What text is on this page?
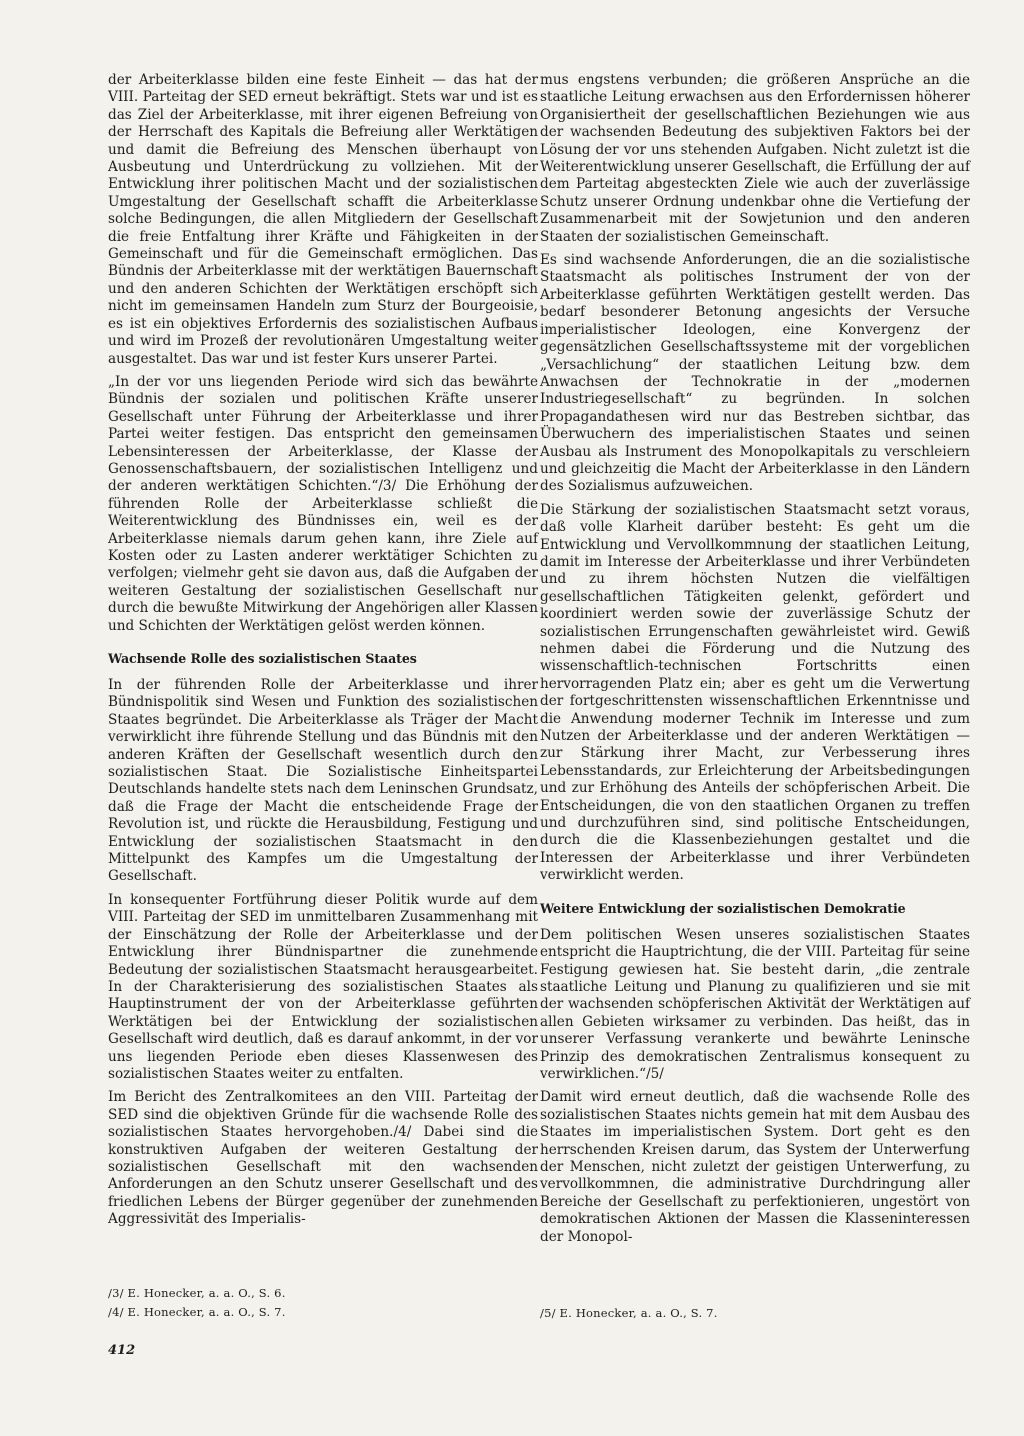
der Arbeiterklasse bilden eine feste Einheit — das hat der VIII. Parteitag der SED erneut bekräftigt. Stets war und ist es das Ziel der Arbeiterklasse, mit ihrer eigenen Befreiung von der Herrschaft des Kapitals die Befreiung aller Werktätigen und damit die Befreiung des Menschen überhaupt von Ausbeutung und Unterdrückung zu vollziehen. Mit der Entwicklung ihrer politischen Macht und der sozialistischen Umgestaltung der Gesellschaft schafft die Arbeiterklasse solche Bedingungen, die allen Mitgliedern der Gesellschaft die freie Entfaltung ihrer Kräfte und Fähigkeiten in der Gemeinschaft und für die Gemeinschaft ermöglichen. Das Bündnis der Arbeiterklasse mit der werktätigen Bauernschaft und den anderen Schichten der Werktätigen erschöpft sich nicht im gemeinsamen Handeln zum Sturz der Bourgeoisie, es ist ein objektives Erfordernis des sozialistischen Aufbaus und wird im Prozeß der revolutionären Umgestaltung weiter ausgestaltet. Das war und ist fester Kurs unserer Partei.

„In der vor uns liegenden Periode wird sich das bewährte Bündnis der sozialen und politischen Kräfte unserer Gesellschaft unter Führung der Arbeiterklasse und ihrer Partei weiter festigen. Das entspricht den gemeinsamen Lebensinteressen der Arbeiterklasse, der Klasse der Genossenschaftsbauern, der sozialistischen Intelligenz und der anderen werktätigen Schichten.“/3/ Die Erhöhung der führenden Rolle der Arbeiterklasse schließt die Weiterentwicklung des Bündnisses ein, weil es der Arbeiterklasse niemals darum gehen kann, ihre Ziele auf Kosten oder zu Lasten anderer werktätiger Schichten zu verfolgen; vielmehr geht sie davon aus, daß die Aufgaben der weiteren Gestaltung der sozialistischen Gesellschaft nur durch die bewußte Mitwirkung der Angehörigen aller Klassen und Schichten der Werktätigen gelöst werden können.

Wachsende Rolle des sozialistischen Staates

In der führenden Rolle der Arbeiterklasse und ihrer Bündnispolitik sind Wesen und Funktion des sozialistischen Staates begründet. Die Arbeiterklasse als Träger der Macht verwirklicht ihre führende Stellung und das Bündnis mit den anderen Kräften der Gesellschaft wesentlich durch den sozialistischen Staat. Die Sozialistische Einheitspartei Deutschlands handelte stets nach dem Leninschen Grundsatz, daß die Frage der Macht die entscheidende Frage der Revolution ist, und rückte die Herausbildung, Festigung und Entwicklung der sozialistischen Staatsmacht in den Mittelpunkt des Kampfes um die Umgestaltung der Gesellschaft.

In konsequenter Fortführung dieser Politik wurde auf dem VIII. Parteitag der SED im unmittelbaren Zusammenhang mit der Einschätzung der Rolle der Arbeiterklasse und der Entwicklung ihrer Bündnispartner die zunehmende Bedeutung der sozialistischen Staatsmacht herausgearbeitet. In der Charakterisierung des sozialistischen Staates als Hauptinstrument der von der Arbeiterklasse geführten Werktätigen bei der Entwicklung der sozialistischen Gesellschaft wird deutlich, daß es darauf ankommt, in der vor uns liegenden Periode eben dieses Klassenwesen des sozialistischen Staates weiter zu entfalten.

Im Bericht des Zentralkomitees an den VIII. Parteitag der SED sind die objektiven Gründe für die wachsende Rolle des sozialistischen Staates hervorgehoben./4/ Dabei sind die konstruktiven Aufgaben der weiteren Gestaltung der sozialistischen Gesellschaft mit den wachsenden Anforderungen an den Schutz unserer Gesellschaft und des friedlichen Lebens der Bürger gegenüber der zunehmenden Aggressivität des Imperialis-

mus engstens verbunden; die größeren Ansprüche an die staatliche Leitung erwachsen aus den Erfordernissen höherer Organisiertheit der gesellschaftlichen Beziehungen wie aus der wachsenden Bedeutung des subjektiven Faktors bei der Lösung der vor uns stehenden Aufgaben. Nicht zuletzt ist die Weiterentwicklung unserer Gesellschaft, die Erfüllung der auf dem Parteitag abgesteckten Ziele wie auch der zuverlässige Schutz unserer Ordnung undenkbar ohne die Vertiefung der Zusammenarbeit mit der Sowjetunion und den anderen Staaten der sozialistischen Gemeinschaft.

Es sind wachsende Anforderungen, die an die sozialistische Staatsmacht als politisches Instrument der von der Arbeiterklasse geführten Werktätigen gestellt werden. Das bedarf besonderer Betonung angesichts der Versuche imperialistischer Ideologen, eine Konvergenz der gegensätzlichen Gesellschaftssysteme mit der vorgeblichen „Versachlichung“ der staatlichen Leitung bzw. dem Anwachsen der Technokratie in der „modernen Industriegesellschaft“ zu begründen. In solchen Propagandathesen wird nur das Bestreben sichtbar, das Überwuchern des imperialistischen Staates und seinen Ausbau als Instrument des Monopolkapitals zu verschleiern und gleichzeitig die Macht der Arbeiterklasse in den Ländern des Sozialismus aufzuweichen.

Die Stärkung der sozialistischen Staatsmacht setzt voraus, daß volle Klarheit darüber besteht: Es geht um die Entwicklung und Vervollkommnung der staatlichen Leitung, damit im Interesse der Arbeiterklasse und ihrer Verbündeten und zu ihrem höchsten Nutzen die vielfältigen gesellschaftlichen Tätigkeiten gelenkt, gefördert und koordiniert werden sowie der zuverlässige Schutz der sozialistischen Errungenschaften gewährleistet wird. Gewiß nehmen dabei die Förderung und die Nutzung des wissenschaftlich-technischen Fortschritts einen hervorragenden Platz ein; aber es geht um die Verwertung der fortgeschrittensten wissenschaftlichen Erkenntnisse und die Anwendung moderner Technik im Interesse und zum Nutzen der Arbeiterklasse und der anderen Werktätigen — zur Stärkung ihrer Macht, zur Verbesserung ihres Lebensstandards, zur Erleichterung der Arbeitsbedingungen und zur Erhöhung des Anteils der schöpferischen Arbeit. Die Entscheidungen, die von den staatlichen Organen zu treffen und durchzuführen sind, sind politische Entscheidungen, durch die die Klassenbeziehungen gestaltet und die Interessen der Arbeiterklasse und ihrer Verbündeten verwirklicht werden.

Weitere Entwicklung der sozialistischen Demokratie

Dem politischen Wesen unseres sozialistischen Staates entspricht die Hauptrichtung, die der VIII. Parteitag für seine Festigung gewiesen hat. Sie besteht darin, „die zentrale staatliche Leitung und Planung zu qualifizieren und sie mit der wachsenden schöpferischen Aktivität der Werktätigen auf allen Gebieten wirksamer zu verbinden. Das heißt, das in unserer Verfassung verankerte und bewährte Leninsche Prinzip des demokratischen Zentralismus konsequent zu verwirklichen.“/5/

Damit wird erneut deutlich, daß die wachsende Rolle des sozialistischen Staates nichts gemein hat mit dem Ausbau des Staates im imperialistischen System. Dort geht es den herrschenden Kreisen darum, das System der Unterwerfung der Menschen, nicht zuletzt der geistigen Unterwerfung, zu vervollkommnen, die administrative Durchdringung aller Bereiche der Gesellschaft zu perfektionieren, ungestört von demokratischen Aktionen der Massen die Klasseninteressen der Monopol-

/3/ E. Honecker, a. a. O., S. 6.
/4/ E. Honecker, a. a. O., S. 7.	/5/ E. Honecker, a. a. O., S. 7.
412
